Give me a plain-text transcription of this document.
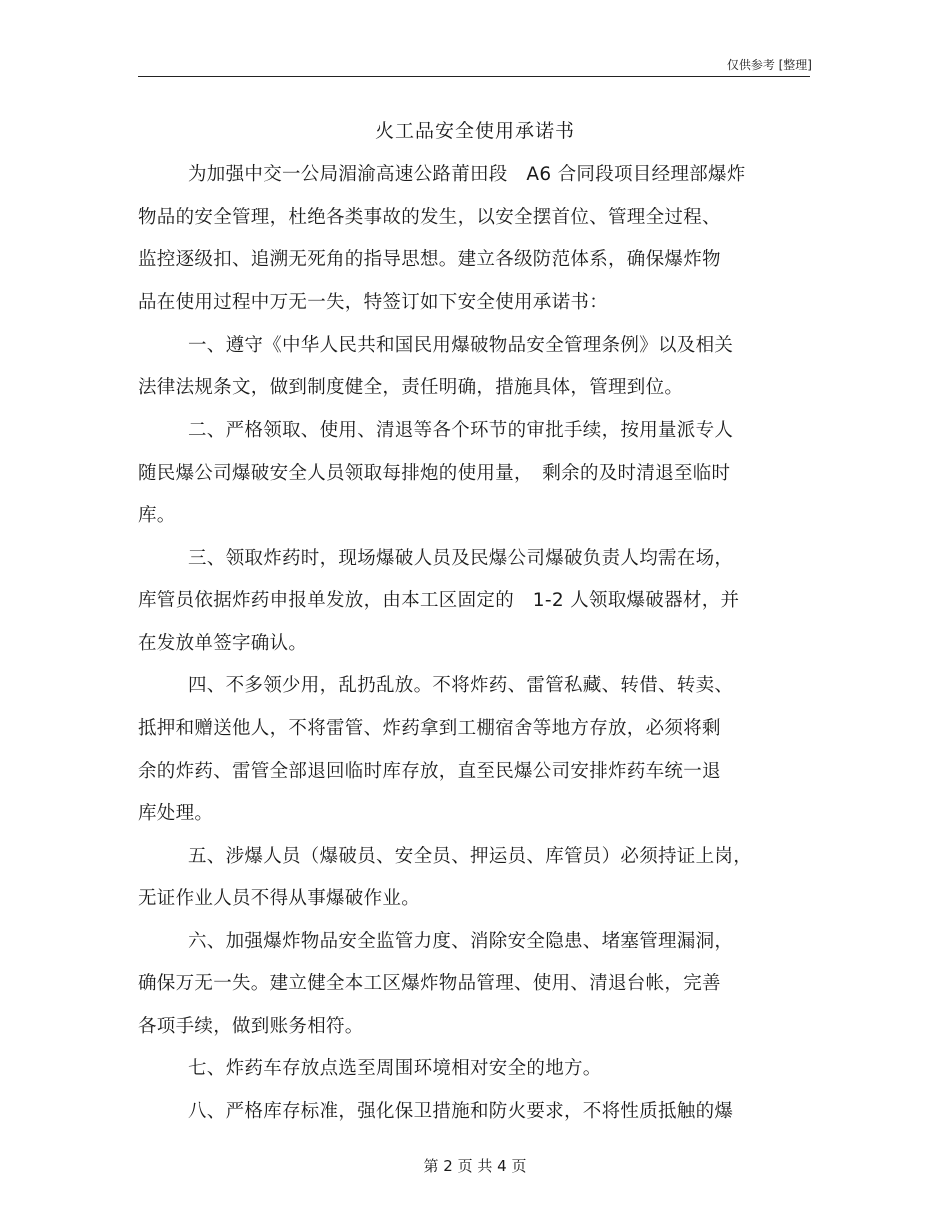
仅供参考 [整理]
火工品安全使用承诺书
为加强中交一公局湄渝高速公路莆田段　A6 合同段项目经理部爆炸
物品的安全管理，杜绝各类事故的发生，以安全摆首位、管理全过程、
监控逐级扣、追溯无死角的指导思想。建立各级防范体系，确保爆炸物
品在使用过程中万无一失，特签订如下安全使用承诺书：
一、遵守《中华人民共和国民用爆破物品安全管理条例》以及相关
法律法规条文，做到制度健全，责任明确，措施具体，管理到位。
二、严格领取、使用、清退等各个环节的审批手续，按用量派专人
随民爆公司爆破安全人员领取每排炮的使用量，　剩余的及时清退至临时
库。
三、领取炸药时，现场爆破人员及民爆公司爆破负责人均需在场，
库管员依据炸药申报单发放，由本工区固定的　1-2 人领取爆破器材，并
在发放单签字确认。
四、不多领少用，乱扔乱放。不将炸药、雷管私藏、转借、转卖、
抵押和赠送他人，不将雷管、炸药拿到工棚宿舍等地方存放，必须将剩
余的炸药、雷管全部退回临时库存放，直至民爆公司安排炸药车统一退
库处理。
五、涉爆人员（爆破员、安全员、押运员、库管员）必须持证上岗，
无证作业人员不得从事爆破作业。
六、加强爆炸物品安全监管力度、消除安全隐患、堵塞管理漏洞，
确保万无一失。建立健全本工区爆炸物品管理、使用、清退台帐，完善
各项手续，做到账务相符。
七、炸药车存放点选至周围环境相对安全的地方。
八、严格库存标准，强化保卫措施和防火要求，不将性质抵触的爆
第 2 页 共 4 页
